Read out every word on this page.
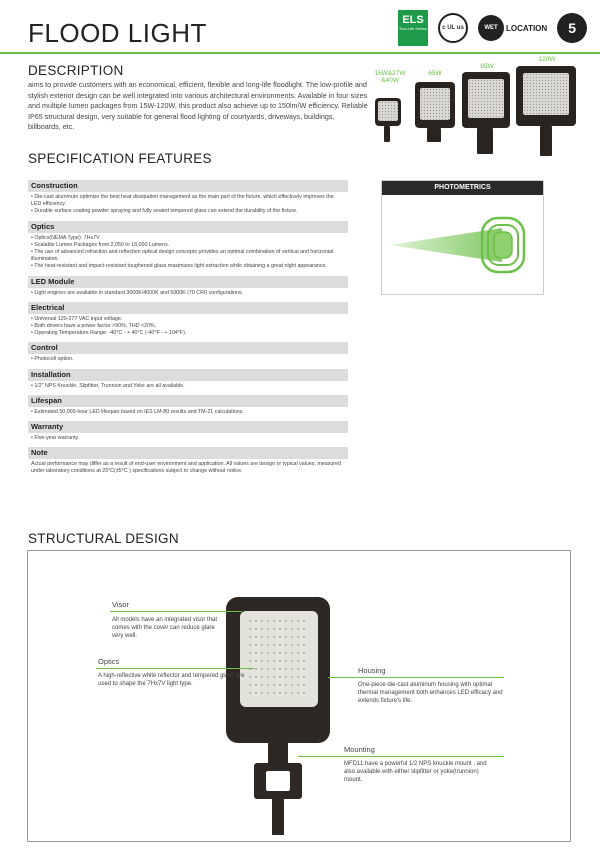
FLOOD LIGHT	ELS
Eco-Lite Series	c UL us	WET	LOCATION	5
DESCRIPTION
aims to provide customers with an economical, efficient, flexible and long-life floodlight. The low-profile and stylish exterior design can be well integrated into various architectural environments. Available in four sizes and multiple lumen packages from 15W-120W, this product also achieve up to 150lm/W efficiency. Reliable IP65 structural design, very suitable for general flood lighting of courtyards, driveways, buildings, billboards, etc.
15W&27W
&40W
65W
85W
120W
SPECIFICATION FEATURES
Construction
• Die-cast aluminum optimize the best heat dissipation management as the main part of the fixture, which effectively improves the LED efficiency.
• Durable surface coating powder spraying and fully sealed tempered glass can extend the durability of the fixture.
Optics
• Optics(NEMA Type): 7Hx7V
• Scalable Lumen Packages from 2,050 to 18,000 Lumens.
• The use of advanced refraction and reflection optical design concepts provides an optimal combination of vertical and horizontal illumination.
• The heat-resistant and impact-resistant toughened glass maximizes light extraction while obtaining a great night appearance.
LED Module
• Light engines are available in standard 3000K/4000K and 5000K (70 CRI) configurations.
Electrical
• Universal 120-277 VAC input voltage.
• Both drivers have a power factor >90%, THD <20%.
• Operating Temperature Range: -40°C - + 40°C (-40°F - + 104°F).
Control
• Photocell option.
Installation
• 1/2" NPS Knuckle, Slipfitter, Trunnion and Yoke are all available.
Lifespan
• Estimated 50,000-hour LED lifespan based on IES LM-80 results and TM-21 calculations.
Warranty
• Five-year warranty.
Note
Actual performance may differ as a result of end-user environment and application. All values are design or typical values, measured under laboratory conditions at 25°C(±5°C ) specifications subject to change without notice.
PHOTOMETRICS
STRUCTURAL DESIGN
Visor
All models have an integrated visor that comes with the cover can reduce glare very well.
Optics
A high-reflective white reflector and tempered glass are used to shape the 7Hx7V light type.
Housing
One-piece die-cast aluminum housing with optimal thermal management both enhances LED efficacy and extends fixture's life.
Mounting
MFD11 have a powerful 1/2 NPS knuckle mount , and also available with either slipfitter or yoke(trunnion) mount.
